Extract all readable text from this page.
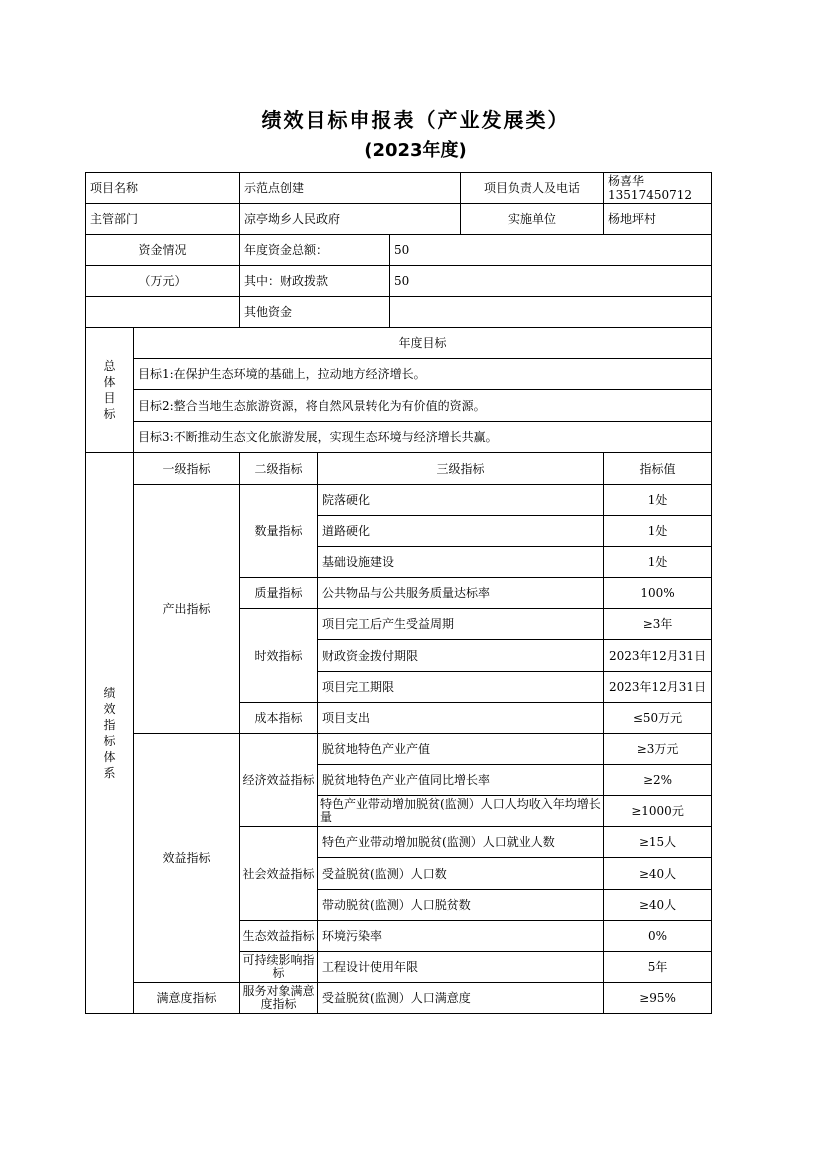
绩效目标申报表（产业发展类）
(2023年度)
项目名称		示范点创建			项目负责人及电话	杨喜华13517450712
主管部门		凉亭坳乡人民政府			实施单位	杨地坪村
资金情况		年度资金总额：		50		
（万元）		其中：财政拨款		50		
		其他资金				
总体目标	年度目标					
	目标1:在保护生态环境的基础上，拉动地方经济增长。					
	目标2:整合当地生态旅游资源，将自然风景转化为有价值的资源。					
	目标3:不断推动生态文化旅游发展，实现生态环境与经济增长共赢。					
绩效指标体系	一级指标	二级指标	三级指标			指标值
	产出指标	数量指标	院落硬化			1处
			道路硬化			1处
			基础设施建设			1处
		质量指标	公共物品与公共服务质量达标率			100%
		时效指标	项目完工后产生受益周期			≥3年
			财政资金拨付期限			2023年12月31日
			项目完工期限			2023年12月31日
		成本指标	项目支出			≤50万元
	效益指标	经济效益指标	脱贫地特色产业产值			≥3万元
			脱贫地特色产业产值同比增长率			≥2%
			特色产业带动增加脱贫(监测）人口人均收入年均增长量			≥1000元
		社会效益指标	特色产业带动增加脱贫(监测）人口就业人数			≥15人
			受益脱贫(监测）人口数			≥40人
			带动脱贫(监测）人口脱贫数			≥40人
		生态效益指标	环境污染率			0%
		可持续影响指标	工程设计使用年限			5年
	满意度指标	服务对象满意度指标	受益脱贫(监测）人口满意度			≥95%
